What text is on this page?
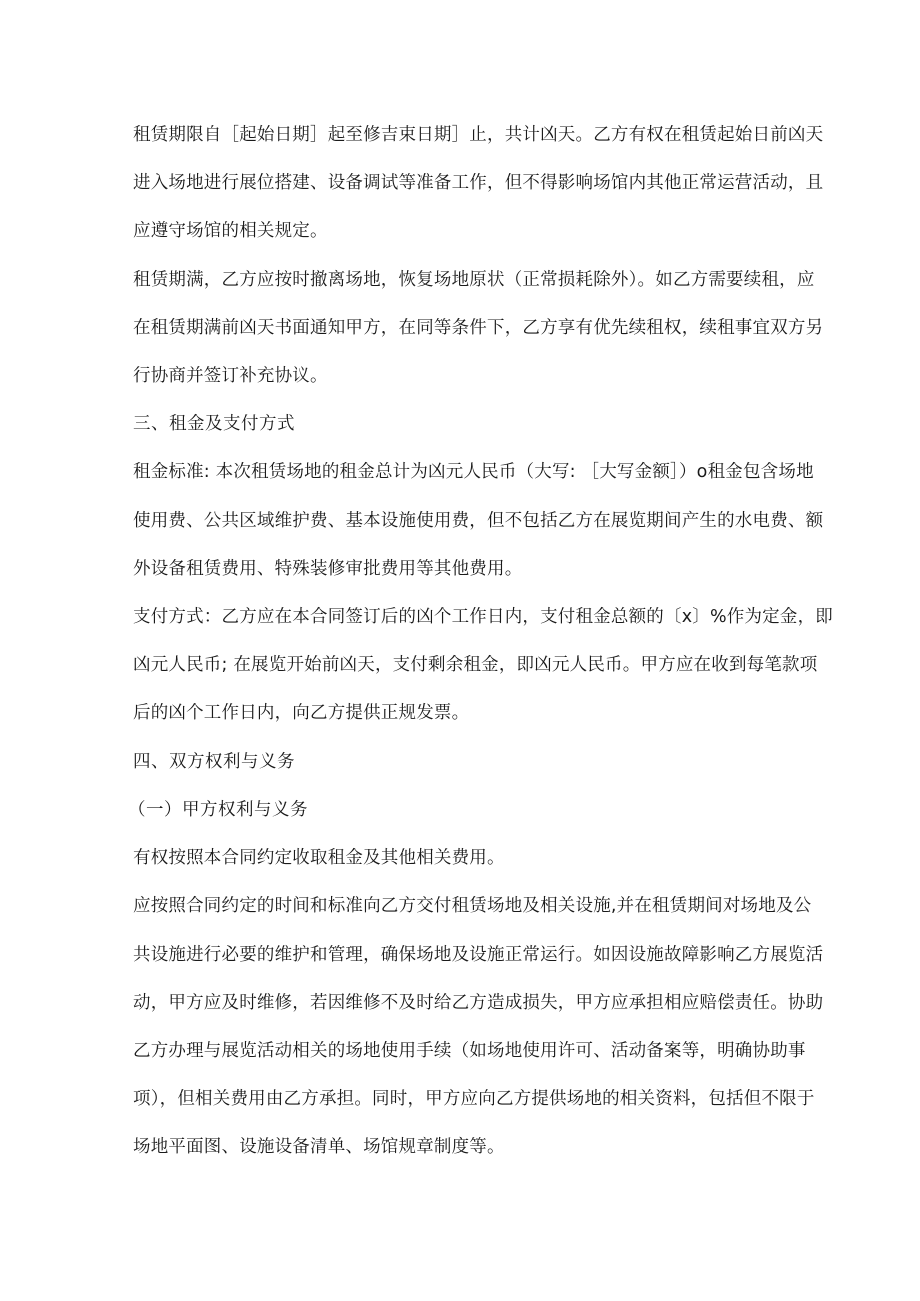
租赁期限自［起始日期］起至修吉束日期］止，共计凶天。乙方有权在租赁起始日前凶天
进入场地进行展位搭建、设备调试等准备工作，但不得影响场馆内其他正常运营活动，且
应遵守场馆的相关规定。
租赁期满，乙方应按时撤离场地，恢复场地原状（正常损耗除外）。如乙方需要续租，应
在租赁期满前凶天书面通知甲方，在同等条件下，乙方享有优先续租权，续租事宜双方另
行协商并签订补充协议。
三、租金及支付方式
租金标准: 本次租赁场地的租金总计为凶元人民币（大写: ［大写金额］）o租金包含场地
使用费、公共区域维护费、基本设施使用费，但不包括乙方在展览期间产生的水电费、额
外设备租赁费用、特殊装修审批费用等其他费用。
支付方式：乙方应在本合同签订后的凶个工作日内，支付租金总额的〔x〕%作为定金，即
凶元人民币; 在展览开始前凶天，支付剩余租金，即凶元人民币。甲方应在收到每笔款项
后的凶个工作日内，向乙方提供正规发票。
四、双方权利与义务
（一）甲方权利与义务
有权按照本合同约定收取租金及其他相关费用。
应按照合同约定的时间和标准向乙方交付租赁场地及相关设施,并在租赁期间对场地及公
共设施进行必要的维护和管理，确保场地及设施正常运行。如因设施故障影响乙方展览活
动，甲方应及时维修，若因维修不及时给乙方造成损失，甲方应承担相应赔偿责任。协助
乙方办理与展览活动相关的场地使用手续（如场地使用许可、活动备案等，明确协助事
项），但相关费用由乙方承担。同时，甲方应向乙方提供场地的相关资料，包括但不限于
场地平面图、设施设备清单、场馆规章制度等。
